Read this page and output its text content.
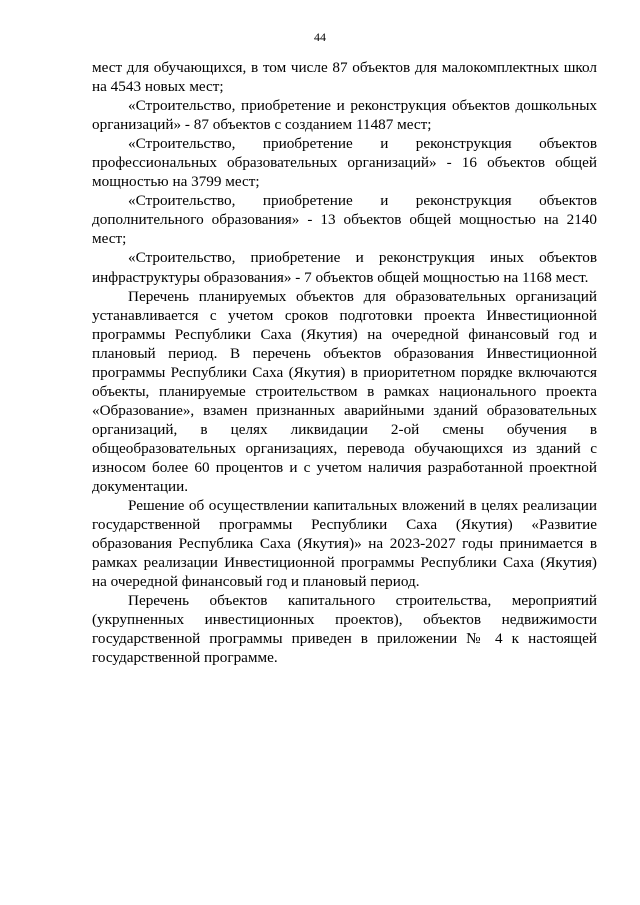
44

мест для обучающихся, в том числе 87 объектов для малокомплектных школ на 4543 новых мест;

«Строительство, приобретение и реконструкция объектов дошкольных организаций» - 87 объектов с созданием 11487 мест;

«Строительство, приобретение и реконструкция объектов профессиональных образовательных организаций» - 16 объектов общей мощностью на 3799 мест;

«Строительство, приобретение и реконструкция объектов дополнительного образования» - 13 объектов общей мощностью на 2140 мест;

«Строительство, приобретение и реконструкция иных объектов инфраструктуры образования» - 7 объектов общей мощностью на 1168 мест.

Перечень планируемых объектов для образовательных организаций устанавливается с учетом сроков подготовки проекта Инвестиционной программы Республики Саха (Якутия) на очередной финансовый год и плановый период. В перечень объектов образования Инвестиционной программы Республики Саха (Якутия) в приоритетном порядке включаются объекты, планируемые строительством в рамках национального проекта «Образование», взамен признанных аварийными зданий образовательных организаций, в целях ликвидации 2-ой смены обучения в общеобразовательных организациях, перевода обучающихся из зданий с износом более 60 процентов и с учетом наличия разработанной проектной документации.

Решение об осуществлении капитальных вложений в целях реализации государственной программы Республики Саха (Якутия) «Развитие образования Республика Саха (Якутия)» на 2023-2027 годы принимается в рамках реализации Инвестиционной программы Республики Саха (Якутия) на очередной финансовый год и плановый период.

Перечень объектов капитального строительства, мероприятий (укрупненных инвестиционных проектов), объектов недвижимости государственной программы приведен в приложении № 4 к настоящей государственной программе.
